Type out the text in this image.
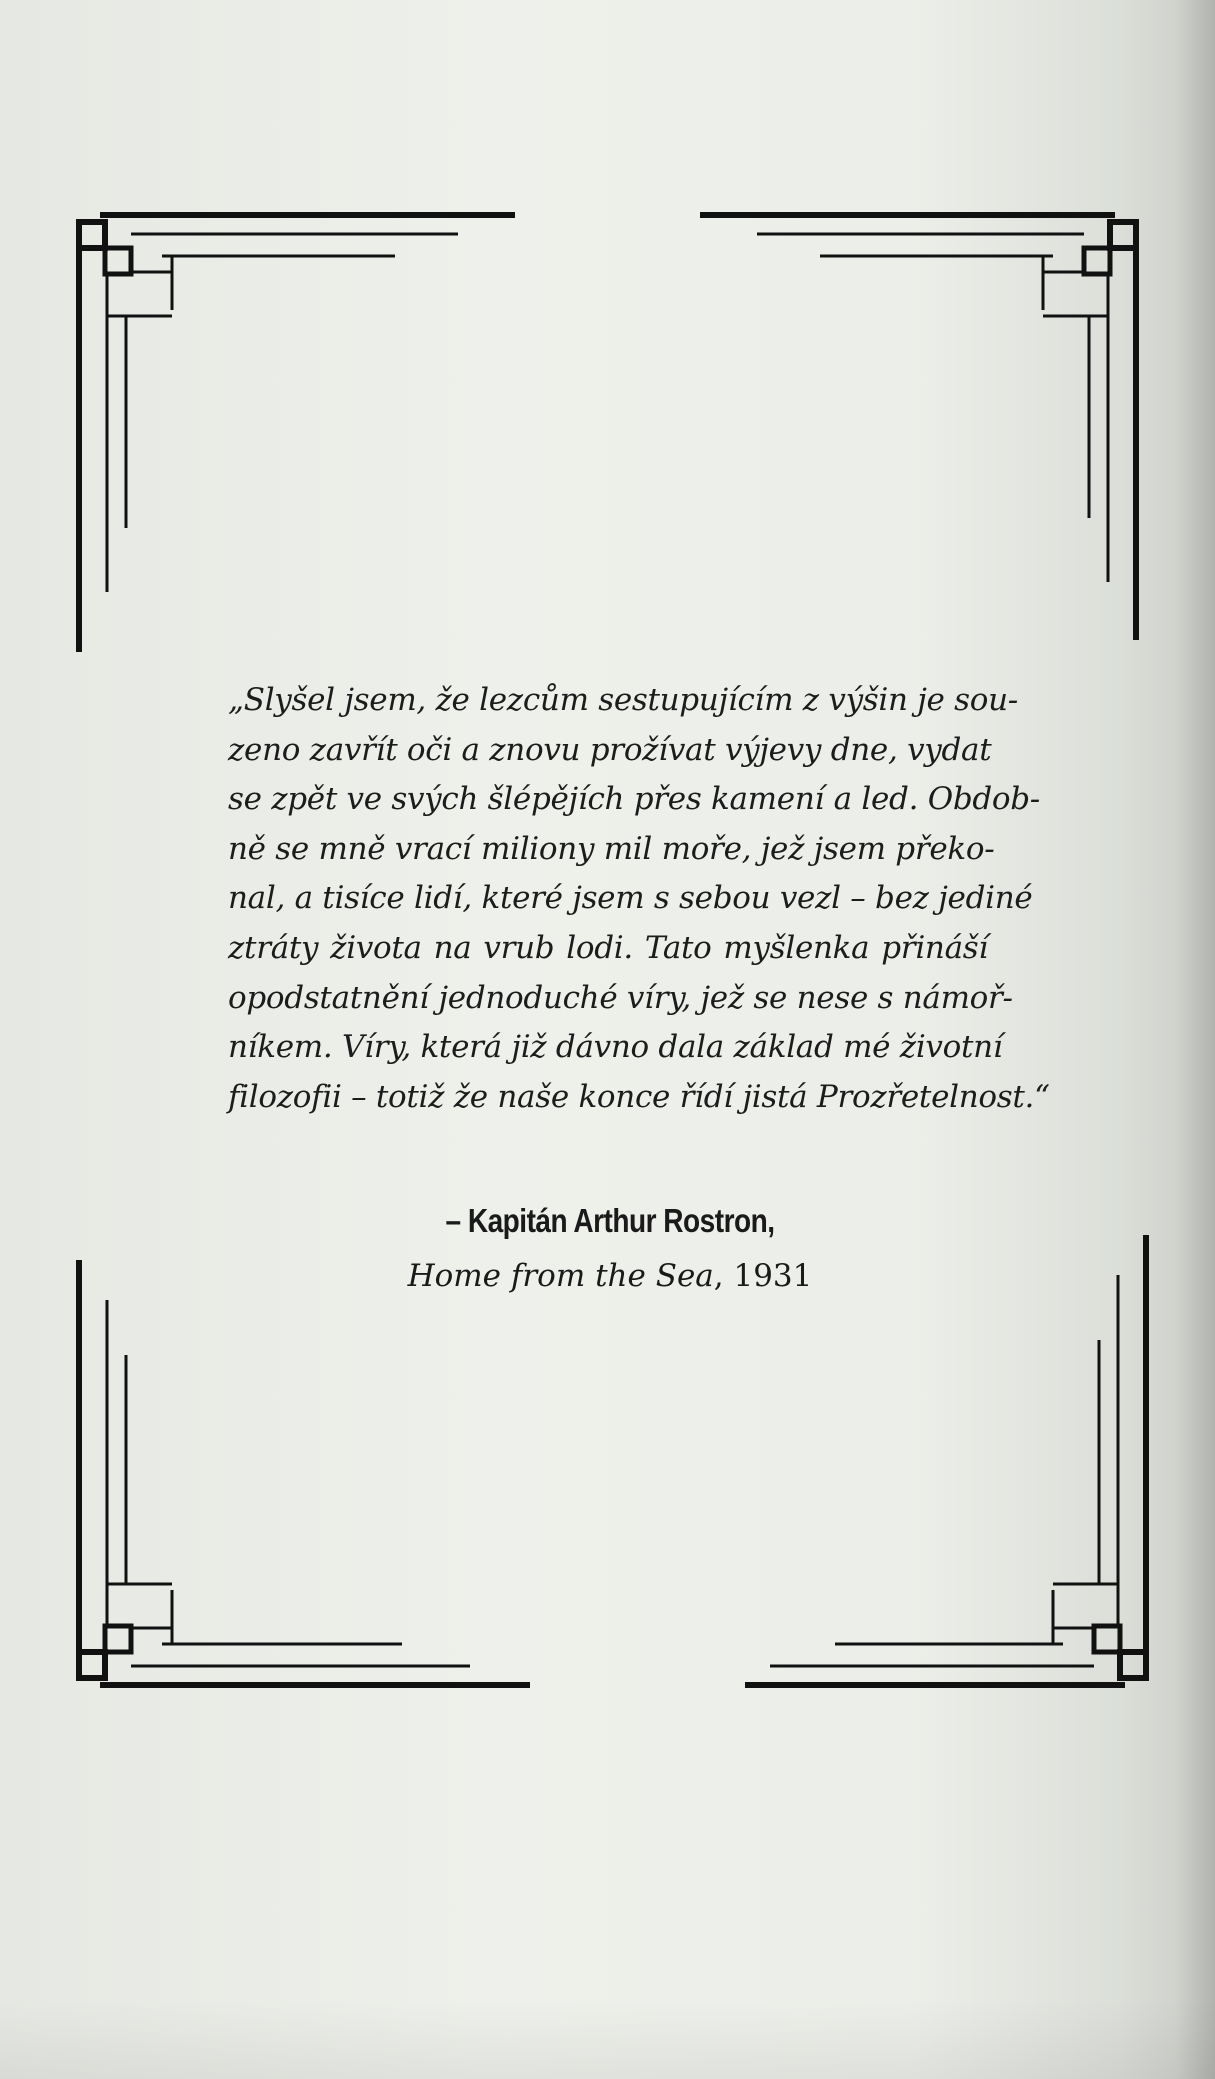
„Slyšel jsem, že lezcům sestupujícím z výšin je sou-
zeno zavřít oči a znovu prožívat výjevy dne, vydat
se zpět ve svých šlépějích přes kamení a led. Obdob-
ně se mně vrací miliony mil moře, jež jsem překo-
nal, a tisíce lidí, které jsem s sebou vezl – bez jediné
ztráty života na vrub lodi. Tato myšlenka přináší
opodstatnění jednoduché víry, jež se nese s námoř-
níkem. Víry, která již dávno dala základ mé životní
filozofii – totiž že naše konce řídí jistá Prozřetelnost.“
– Kapitán Arthur Rostron,
Home from the Sea, 1931
